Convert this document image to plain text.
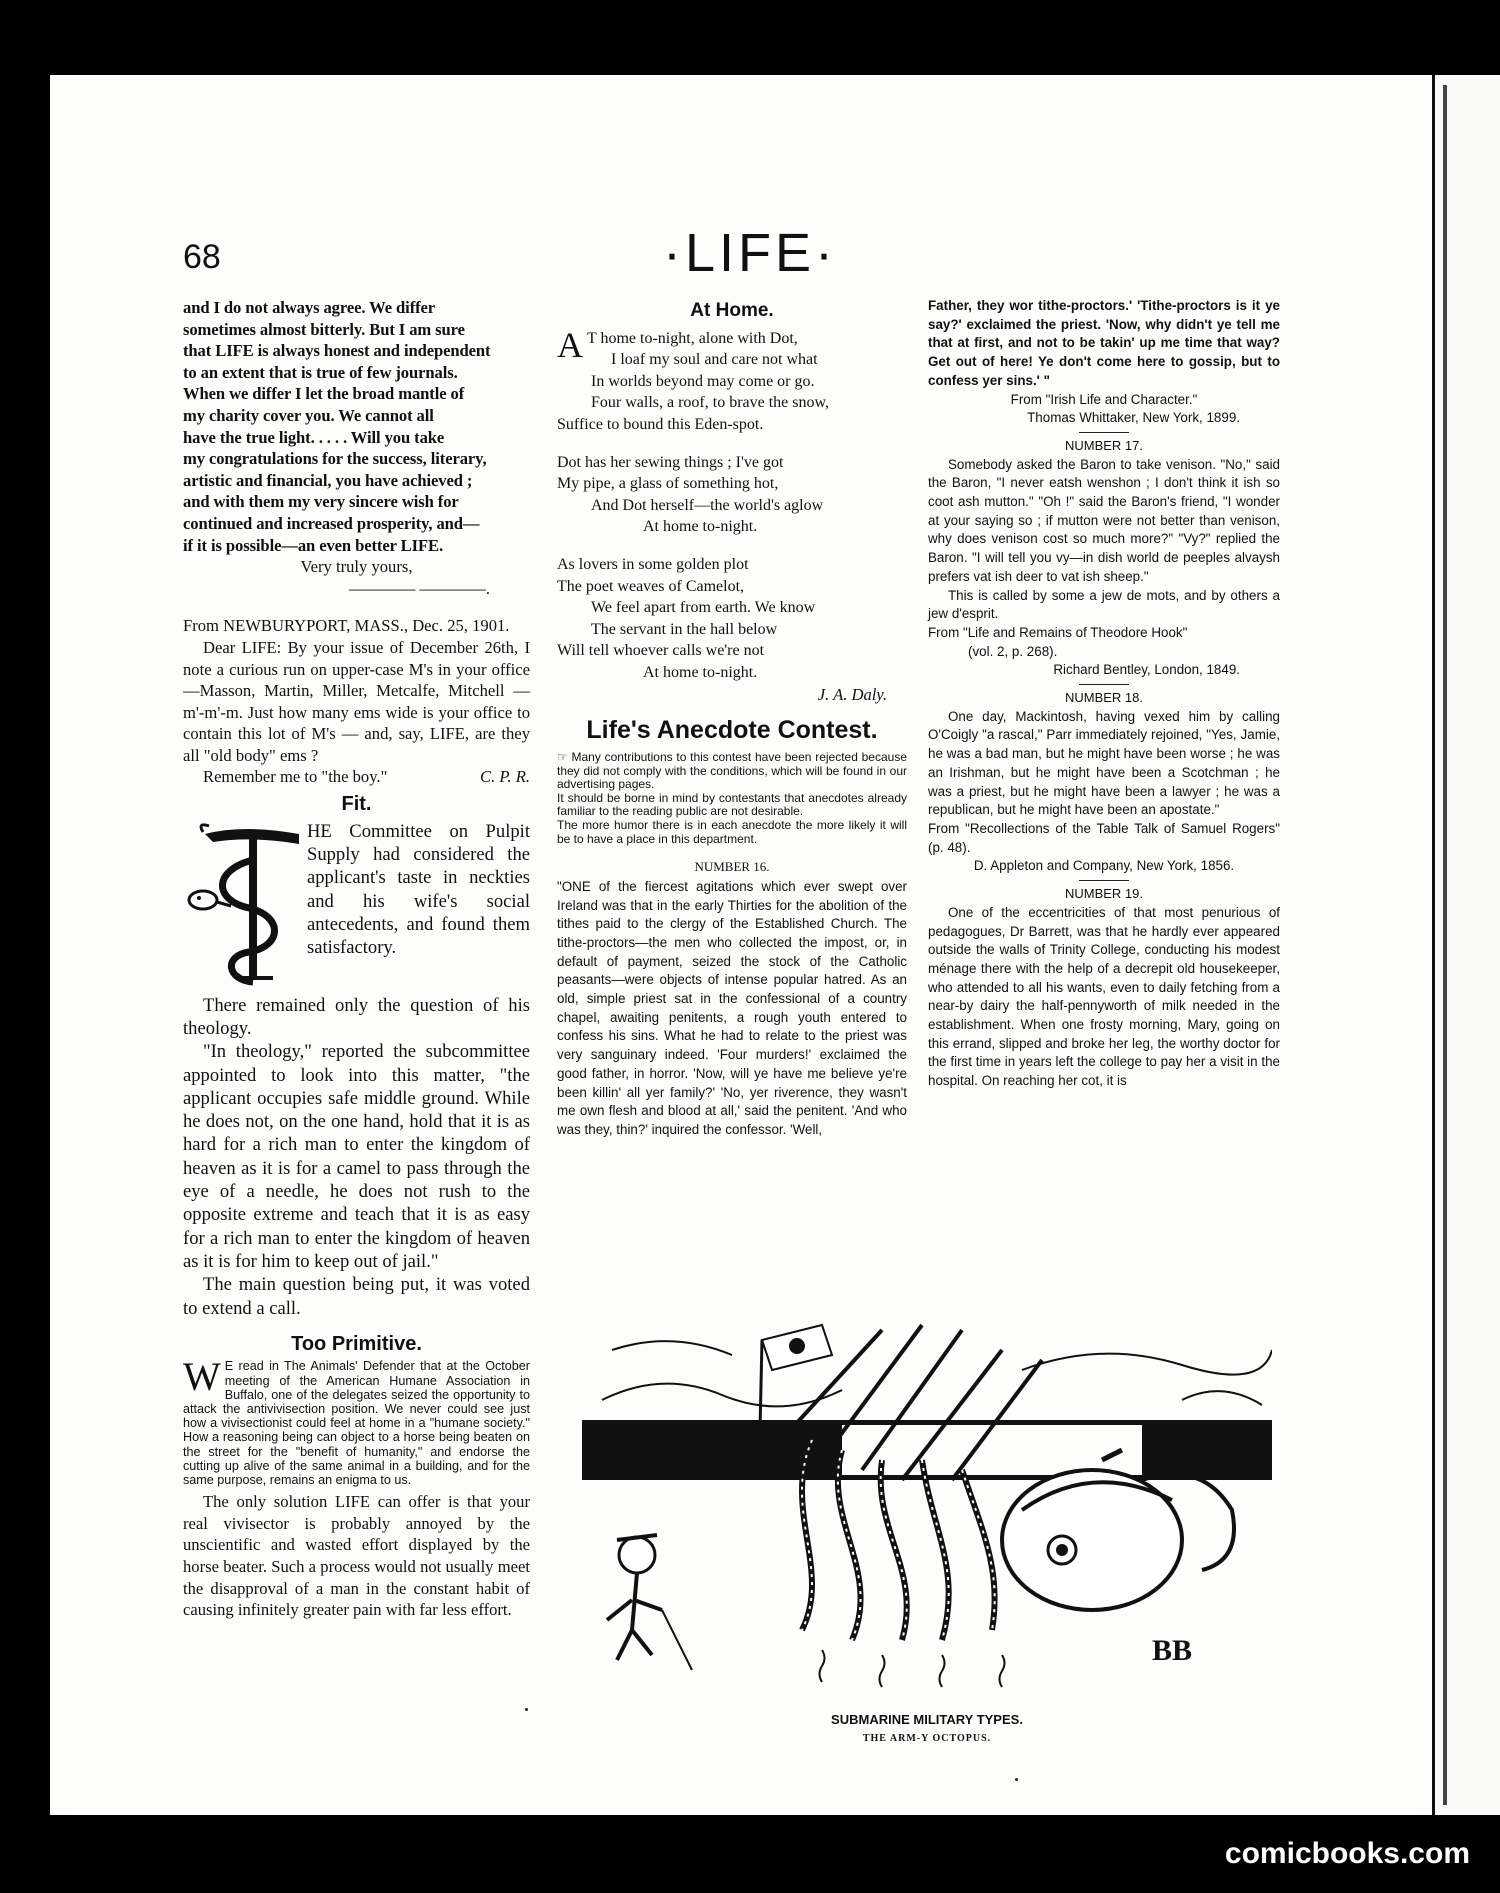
68	·LIFE·

and I do not always agree. We differ

sometimes almost bitterly. But I am sure

that LIFE is always honest and independent

to an extent that is true of few journals.

When we differ I let the broad mantle of

my charity cover you. We cannot all

have the true light. . . . . Will you take

my congratulations for the success, literary,

artistic and financial, you have achieved ;

and with them my very sincere wish for

continued and increased prosperity, and—

if it is possible—an even better LIFE.

Very truly yours,

———— ————.

From NEWBURYPORT, MASS., Dec. 25, 1901.

Dear LIFE: By your issue of December 26th, I note a curious run on upper-case M's in your office—Masson, Martin, Miller, Metcalfe, Mitchell — m'-m'-m. Just how many ems wide is your office to contain this lot of M's — and, say, LIFE, are they all "old body" ems ?

Remember me to "the boy."	C. P. R.

Fit.

HE Committee on Pulpit Supply had considered the applicant's taste in neckties and his wife's social antecedents, and found them satisfactory.

There remained only the question of his theology.

"In theology," reported the subcommittee appointed to look into this matter, "the applicant occupies safe middle ground. While he does not, on the one hand, hold that it is as hard for a rich man to enter the kingdom of heaven as it is for a camel to pass through the eye of a needle, he does not rush to the opposite extreme and teach that it is as easy for a rich man to enter the kingdom of heaven as it is for him to keep out of jail."

The main question being put, it was voted to extend a call.

Too Primitive.

W E read in The Animals' Defender that at the October meeting of the American Humane Association in Buffalo, one of the delegates seized the opportunity to attack the antivivisection position. We never could see just how a vivisectionist could feel at home in a "humane society." How a reasoning being can object to a horse being beaten on the street for the "benefit of humanity," and endorse the cutting up alive of the same animal in a building, and for the same purpose, remains an enigma to us.

The only solution LIFE can offer is that your real vivisector is probably annoyed by the unscientific and wasted effort displayed by the horse beater. Such a process would not usually meet the disapproval of a man in the constant habit of causing infinitely greater pain with far less effort.

At Home.

A T home to-night, alone with Dot,

I loaf my soul and care not what

In worlds beyond may come or go.

Four walls, a roof, to brave the snow,

Suffice to bound this Eden-spot.

Dot has her sewing things ; I've got

My pipe, a glass of something hot,

And Dot herself—the world's aglow

At home to-night.

As lovers in some golden plot

The poet weaves of Camelot,

We feel apart from earth. We know

The servant in the hall below

Will tell whoever calls we're not

At home to-night.

J. A. Daly.

Life's Anecdote Contest.

☞ Many contributions to this contest have been rejected because they did not comply with the conditions, which will be found in our advertising pages.

It should be borne in mind by contestants that anecdotes already familiar to the reading public are not desirable.

The more humor there is in each anecdote the more likely it will be to have a place in this department.

NUMBER 16.

"ONE of the fiercest agitations which ever swept over Ireland was that in the early Thirties for the abolition of the tithes paid to the clergy of the Established Church. The tithe-proctors—the men who collected the impost, or, in default of payment, seized the stock of the Catholic peasants—were objects of intense popular hatred. As an old, simple priest sat in the confessional of a country chapel, awaiting penitents, a rough youth entered to confess his sins. What he had to relate to the priest was very sanguinary indeed. 'Four murders!' exclaimed the good father, in horror. 'Now, will ye have me believe ye're been killin' all yer family?' 'No, yer riverence, they wasn't me own flesh and blood at all,' said the penitent. 'And who was they, thin?' inquired the confessor. 'Well,

Father, they wor tithe-proctors.' 'Tithe-proctors is it ye say?' exclaimed the priest. 'Now, why didn't ye tell me that at first, and not to be takin' up me time that way? Get out of here! Ye don't come here to gossip, but to confess yer sins.' "

From "Irish Life and Character."

Thomas Whittaker, New York, 1899.

NUMBER 17.

Somebody asked the Baron to take venison. "No," said the Baron, "I never eatsh wenshon ; I don't think it ish so coot ash mutton." "Oh !" said the Baron's friend, "I wonder at your saying so ; if mutton were not better than venison, why does venison cost so much more?" "Vy?" replied the Baron. "I will tell you vy—in dish world de peeples alvaysh prefers vat ish deer to vat ish sheep."

This is called by some a jew de mots, and by others a jew d'esprit.

From "Life and Remains of Theodore Hook"

(vol. 2, p. 268).

Richard Bentley, London, 1849.

NUMBER 18.

One day, Mackintosh, having vexed him by calling O'Coigly "a rascal," Parr immediately rejoined, "Yes, Jamie, he was a bad man, but he might have been worse ; he was an Irishman, but he might have been a Scotchman ; he was a priest, but he might have been a lawyer ; he was a republican, but he might have been an apostate."

From "Recollections of the Table Talk of Samuel Rogers" (p. 48).

D. Appleton and Company, New York, 1856.

NUMBER 19.

One of the eccentricities of that most penurious of pedagogues, Dr Barrett, was that he hardly ever appeared outside the walls of Trinity College, conducting his modest ménage there with the help of a decrepit old housekeeper, who attended to all his wants, even to daily fetching from a near-by dairy the half-pennyworth of milk needed in the establishment. When one frosty morning, Mary, going on this errand, slipped and broke her leg, the worthy doctor for the first time in years left the college to pay her a visit in the hospital. On reaching her cot, it is

BB
SUBMARINE MILITARY TYPES.
THE ARM-Y OCTOPUS.
comicbooks.com
